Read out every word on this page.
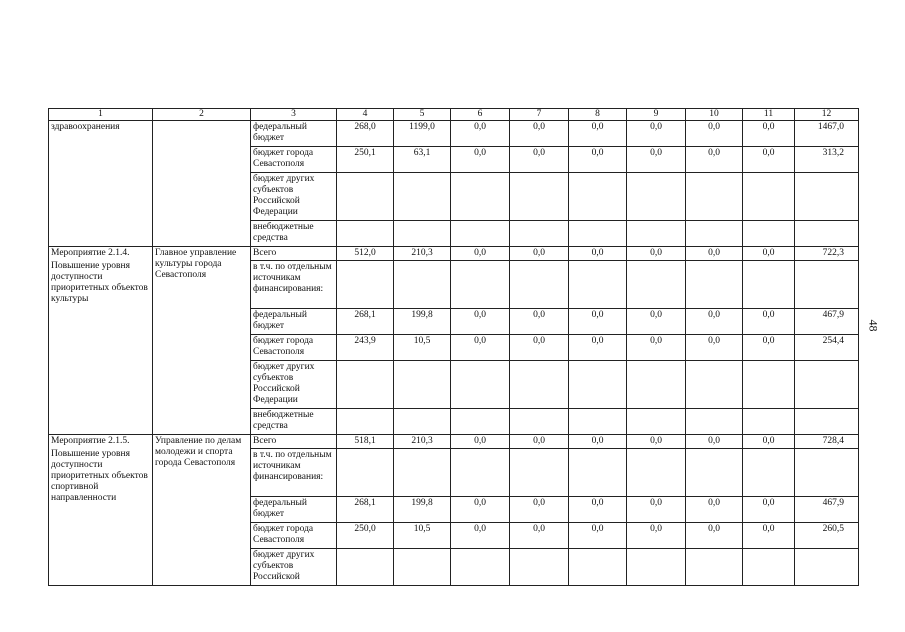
1	2	3	4	5	6	7	8	9	10	11	12

здравоохранения		федеральный бюджет	268,0	1199,0	0,0	0,0	0,0	0,0	0,0	0,0	1467,0
		бюджет города Севастополя	250,1	63,1	0,0	0,0	0,0	0,0	0,0	0,0	313,2
		бюджет других субъектов Российской Федерации									
		внебюджетные средства									

Мероприятие 2.1.4.

Повышение уровня доступности приоритетных объектов культуры	Главное управление культуры города Севастополя	Всего	512,0	210,3	0,0	0,0	0,0	0,0	0,0	0,0	722,3
		в т.ч. по отдельным источникам финансирования:									
		федеральный бюджет	268,1	199,8	0,0	0,0	0,0	0,0	0,0	0,0	467,9
		бюджет города Севастополя	243,9	10,5	0,0	0,0	0,0	0,0	0,0	0,0	254,4
		бюджет других субъектов Российской Федерации									
		внебюджетные средства									

Мероприятие 2.1.5.

Повышение уровня доступности приоритетных объектов спортивной направленности	Управление по делам молодежи и спорта города Севастополя	Всего	518,1	210,3	0,0	0,0	0,0	0,0	0,0	0,0	728,4
		в т.ч. по отдельным источникам финансирования:									
		федеральный бюджет	268,1	199,8	0,0	0,0	0,0	0,0	0,0	0,0	467,9
		бюджет города Севастополя	250,0	10,5	0,0	0,0	0,0	0,0	0,0	0,0	260,5
		бюджет других субъектов Российской									
48
